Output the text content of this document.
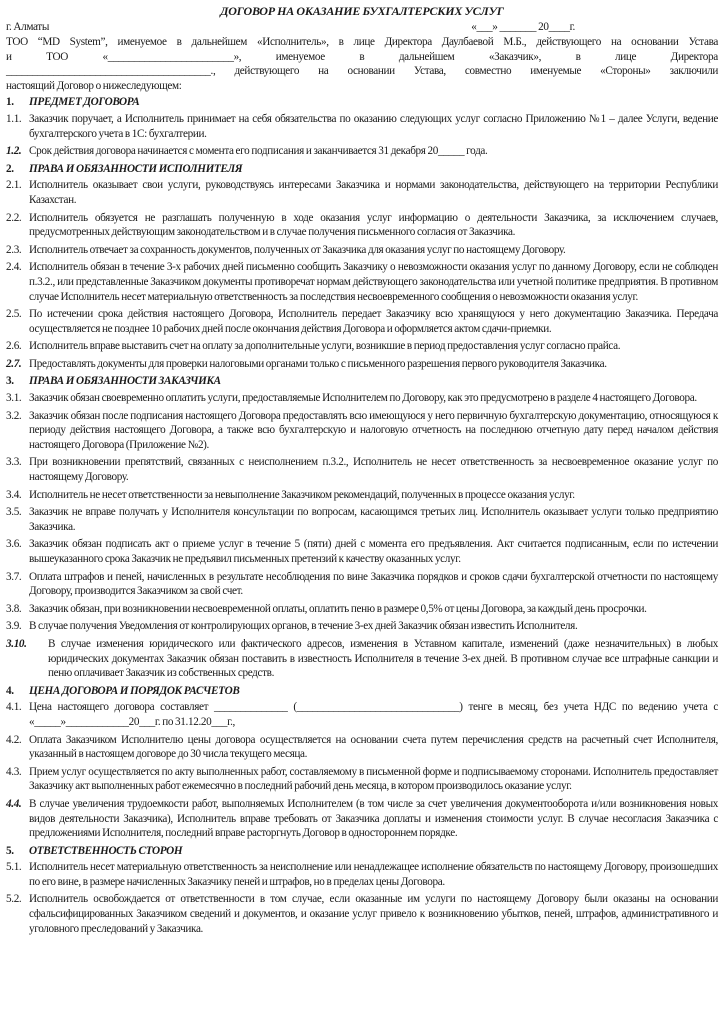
ДОГОВОР НА ОКАЗАНИЕ БУХГАЛТЕРСКИХ УСЛУГ
г. Алматы	«___» _______ 20____г.
ТОО “MD System”, именуемое в дальнейшем «Исполнитель», в лице Директора Даулбаевой М.Б., действующего на основании Устава
и	ТОО	«________________________»,	именуемое	в	дальнейшем	«Заказчик»,	в	лице	Директора
_______________________________________., действующего на основании Устава, совместно именуемые «Стороны» заключили
настоящий Договор о нижеследующем:
1.	ПРЕДМЕТ ДОГОВОРА
1.1. Заказчик поручает, а Исполнитель принимает на себя обязательства по оказанию следующих услуг согласно Приложению №1 – далее Услуги, ведение бухгалтерского учета в 1С: бухгалтерии.
1.2. Срок действия договора начинается с момента его подписания и заканчивается 31 декабря 20_____ года.
2.	ПРАВА И ОБЯЗАННОСТИ ИСПОЛНИТЕЛЯ
2.1. Исполнитель оказывает свои услуги, руководствуясь интересами Заказчика и нормами законодательства, действующего на территории Республики Казахстан.
2.2. Исполнитель обязуется не разглашать полученную в ходе оказания услуг информацию о деятельности Заказчика, за исключением случаев, предусмотренных действующим законодательством и в случае получения письменного согласия от Заказчика.
2.3. Исполнитель отвечает за сохранность документов, полученных от Заказчика для оказания услуг по настоящему Договору.
2.4. Исполнитель обязан в течение 3-х рабочих дней письменно сообщить Заказчику о невозможности оказания услуг по данному Договору, если не соблюден п.3.2., или представленные Заказчиком документы противоречат нормам действующего законодательства или учетной политике предприятия. В противном случае Исполнитель несет материальную ответственность за последствия несвоевременного сообщения о невозможности оказания услуг.
2.5. По истечении срока действия настоящего Договора, Исполнитель передает Заказчику всю хранящуюся у него документацию Заказчика. Передача осуществляется не позднее 10 рабочих дней после окончания действия Договора и оформляется актом сдачи-приемки.
2.6. Исполнитель вправе выставить счет на оплату за дополнительные услуги, возникшие в период предоставления услуг согласно прайса.
2.7. Предоставлять документы для проверки налоговыми органами только с письменного разрешения первого руководителя Заказчика.
3.	ПРАВА И ОБЯЗАННОСТИ ЗАКАЗЧИКА
3.1. Заказчик обязан своевременно оплатить услуги, предоставляемые Исполнителем по Договору, как это предусмотрено в разделе 4 настоящего Договора.
3.2. Заказчик обязан после подписания настоящего Договора предоставлять всю имеющуюся у него первичную бухгалтерскую документацию, относящуюся к периоду действия настоящего Договора, а также всю бухгалтерскую и налоговую отчетность на последнюю отчетную дату перед началом действия настоящего Договора (Приложение №2).
3.3. При возникновении препятствий, связанных с неисполнением п.3.2., Исполнитель не несет ответственность за несвоевременное оказание услуг по настоящему Договору.
3.4. Исполнитель не несет ответственности за невыполнение Заказчиком рекомендаций, полученных в процессе оказания услуг.
3.5. Заказчик не вправе получать у Исполнителя консультации по вопросам, касающимся третьих лиц. Исполнитель оказывает услуги только предприятию Заказчика.
3.6. Заказчик обязан подписать акт о приеме услуг в течение 5 (пяти) дней с момента его предъявления. Акт считается подписанным, если по истечении вышеуказанного срока Заказчик не предъявил письменных претензий к качеству оказанных услуг.
3.7. Оплата штрафов и пеней, начисленных в результате несоблюдения по вине Заказчика порядков и сроков сдачи бухгалтерской отчетности по настоящему Договору, производится Заказчиком за свой счет.
3.8. Заказчик обязан, при возникновении несвоевременной оплаты, оплатить пеню в размере 0,5% от цены Договора, за каждый день просрочки.
3.9. В случае получения Уведомления от контролирующих органов, в течение 3-ех дней Заказчик обязан известить Исполнителя.
3.10.	В случае изменения юридического или фактического адресов, изменения в Уставном капитале, изменений (даже незначительных) в любых юридических документах Заказчик обязан поставить в известность Исполнителя в течение 3-ех дней. В противном случае все штрафные санкции и пеню оплачивает Заказчик из собственных средств.
4.	ЦЕНА ДОГОВОРА И ПОРЯДОК РАСЧЕТОВ
4.1. Цена настоящего договора составляет ______________ (_______________________________) тенге в месяц, без учета НДС по ведению учета с «_____»____________20___г. по 31.12.20___г.,
4.2. Оплата Заказчиком Исполнителю цены договора осуществляется на основании счета путем перечисления средств на расчетный счет Исполнителя, указанный в настоящем договоре до 30 числа текущего месяца.
4.3. Прием услуг осуществляется по акту выполненных работ, составляемому в письменной форме и подписываемому сторонами. Исполнитель предоставляет Заказчику акт выполненных работ ежемесячно в последний рабочий день месяца, в котором производилось оказание услуг.
4.4. В случае увеличения трудоемкости работ, выполняемых Исполнителем (в том числе за счет увеличения документооборота и/или возникновения новых видов деятельности Заказчика), Исполнитель вправе требовать от Заказчика доплаты и изменения стоимости услуг. В случае несогласия Заказчика с предложениями Исполнителя, последний вправе расторгнуть Договор в одностороннем порядке.
5.	ОТВЕТСТВЕННОСТЬ СТОРОН
5.1. Исполнитель несет материальную ответственность за неисполнение или ненадлежащее исполнение обязательств по настоящему Договору, произошедших по его вине, в размере начисленных Заказчику пеней и штрафов, но в пределах цены Договора.
5.2. Исполнитель освобождается от ответственности в том случае, если оказанные им услуги по настоящему Договору были оказаны на основании сфальсифицированных Заказчиком сведений и документов, и оказание услуг привело к возникновению убытков, пеней, штрафов, административного и уголовного преследований у Заказчика.
